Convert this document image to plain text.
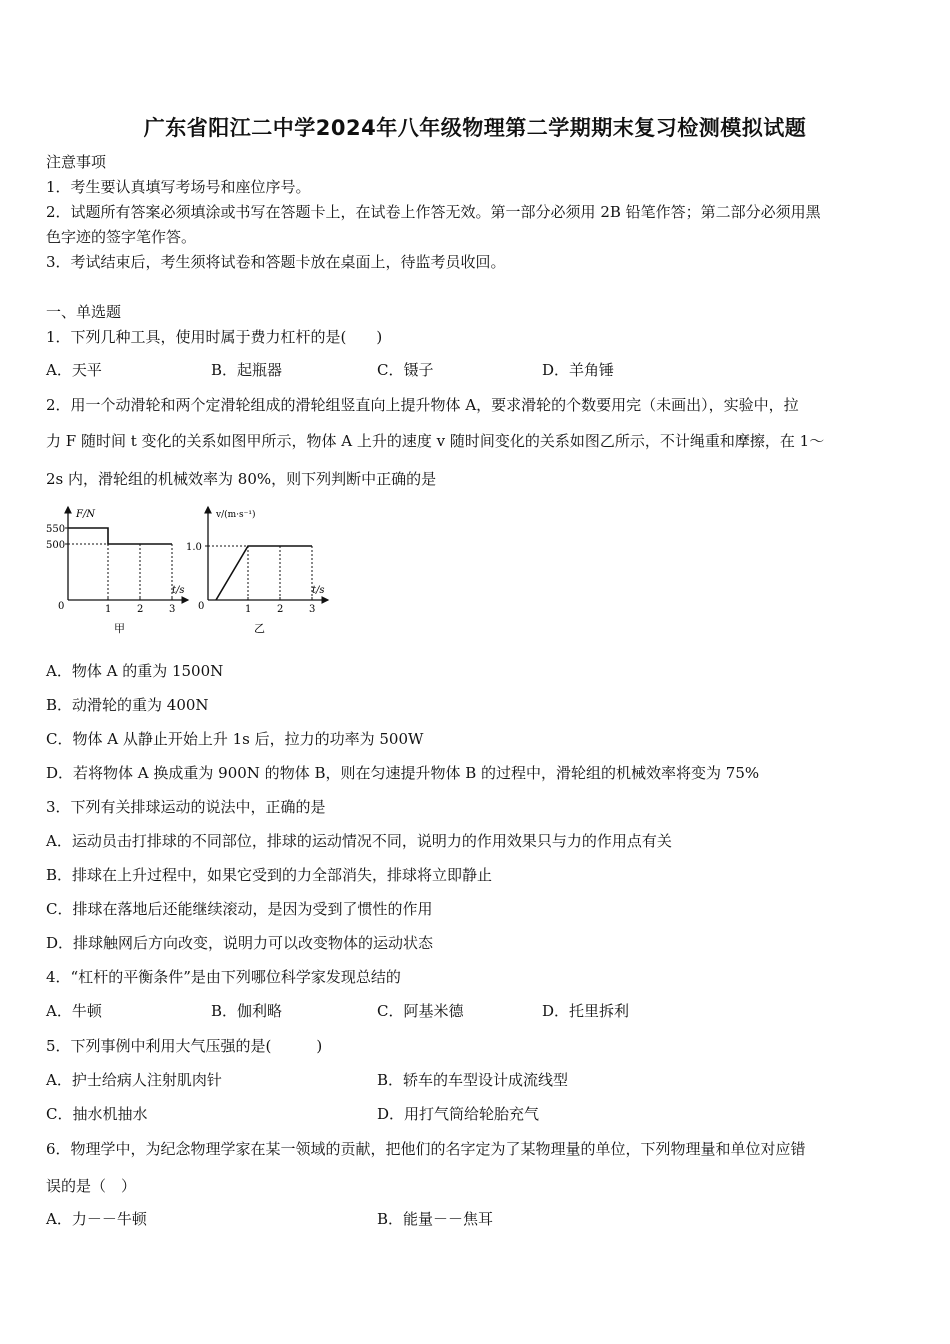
广东省阳江二中学2024年八年级物理第二学期期末复习检测模拟试题
注意事项
1．考生要认真填写考场号和座位序号。
2．试题所有答案必须填涂或书写在答题卡上，在试卷上作答无效。第一部分必须用 2B 铅笔作答；第二部分必须用黑
色字迹的签字笔作答。
3．考试结束后，考生须将试卷和答题卡放在桌面上，待监考员收回。
一、单选题
1．下列几种工具，使用时属于费力杠杆的是(　　)
A．天平	B．起瓶器	C．镊子	D．羊角锤
2．用一个动滑轮和两个定滑轮组成的滑轮组竖直向上提升物体 A，要求滑轮的个数要用完（未画出），实验中，拉
力 F 随时间 t 变化的关系如图甲所示，物体 A 上升的速度 v 随时间变化的关系如图乙所示，不计绳重和摩擦，在 1～
2s 内，滑轮组的机械效率为 80%，则下列判断中正确的是
F/N
t/s
0
甲
550
500
1	2	3
v/(m·s⁻¹)
t/s
0
乙
1.0
1	2	3
A．物体 A 的重为 1500N
B．动滑轮的重为 400N
C．物体 A 从静止开始上升 1s 后，拉力的功率为 500W
D．若将物体 A 换成重为 900N 的物体 B，则在匀速提升物体 B 的过程中，滑轮组的机械效率将变为 75%
3．下列有关排球运动的说法中，正确的是
A．运动员击打排球的不同部位，排球的运动情况不同，说明力的作用效果只与力的作用点有关
B．排球在上升过程中，如果它受到的力全部消失，排球将立即静止
C．排球在落地后还能继续滚动，是因为受到了惯性的作用
D．排球触网后方向改变，说明力可以改变物体的运动状态
4．“杠杆的平衡条件”是由下列哪位科学家发现总结的
A．牛顿	B．伽利略	C．阿基米德	D．托里拆利
5．下列事例中利用大气压强的是(　　　)
A．护士给病人注射肌肉针	B．轿车的车型设计成流线型
C．抽水机抽水	D．用打气筒给轮胎充气
6．物理学中，为纪念物理学家在某一领域的贡献，把他们的名字定为了某物理量的单位，下列物理量和单位对应错
误的是（　）
A．力－－牛顿	B．能量－－焦耳
